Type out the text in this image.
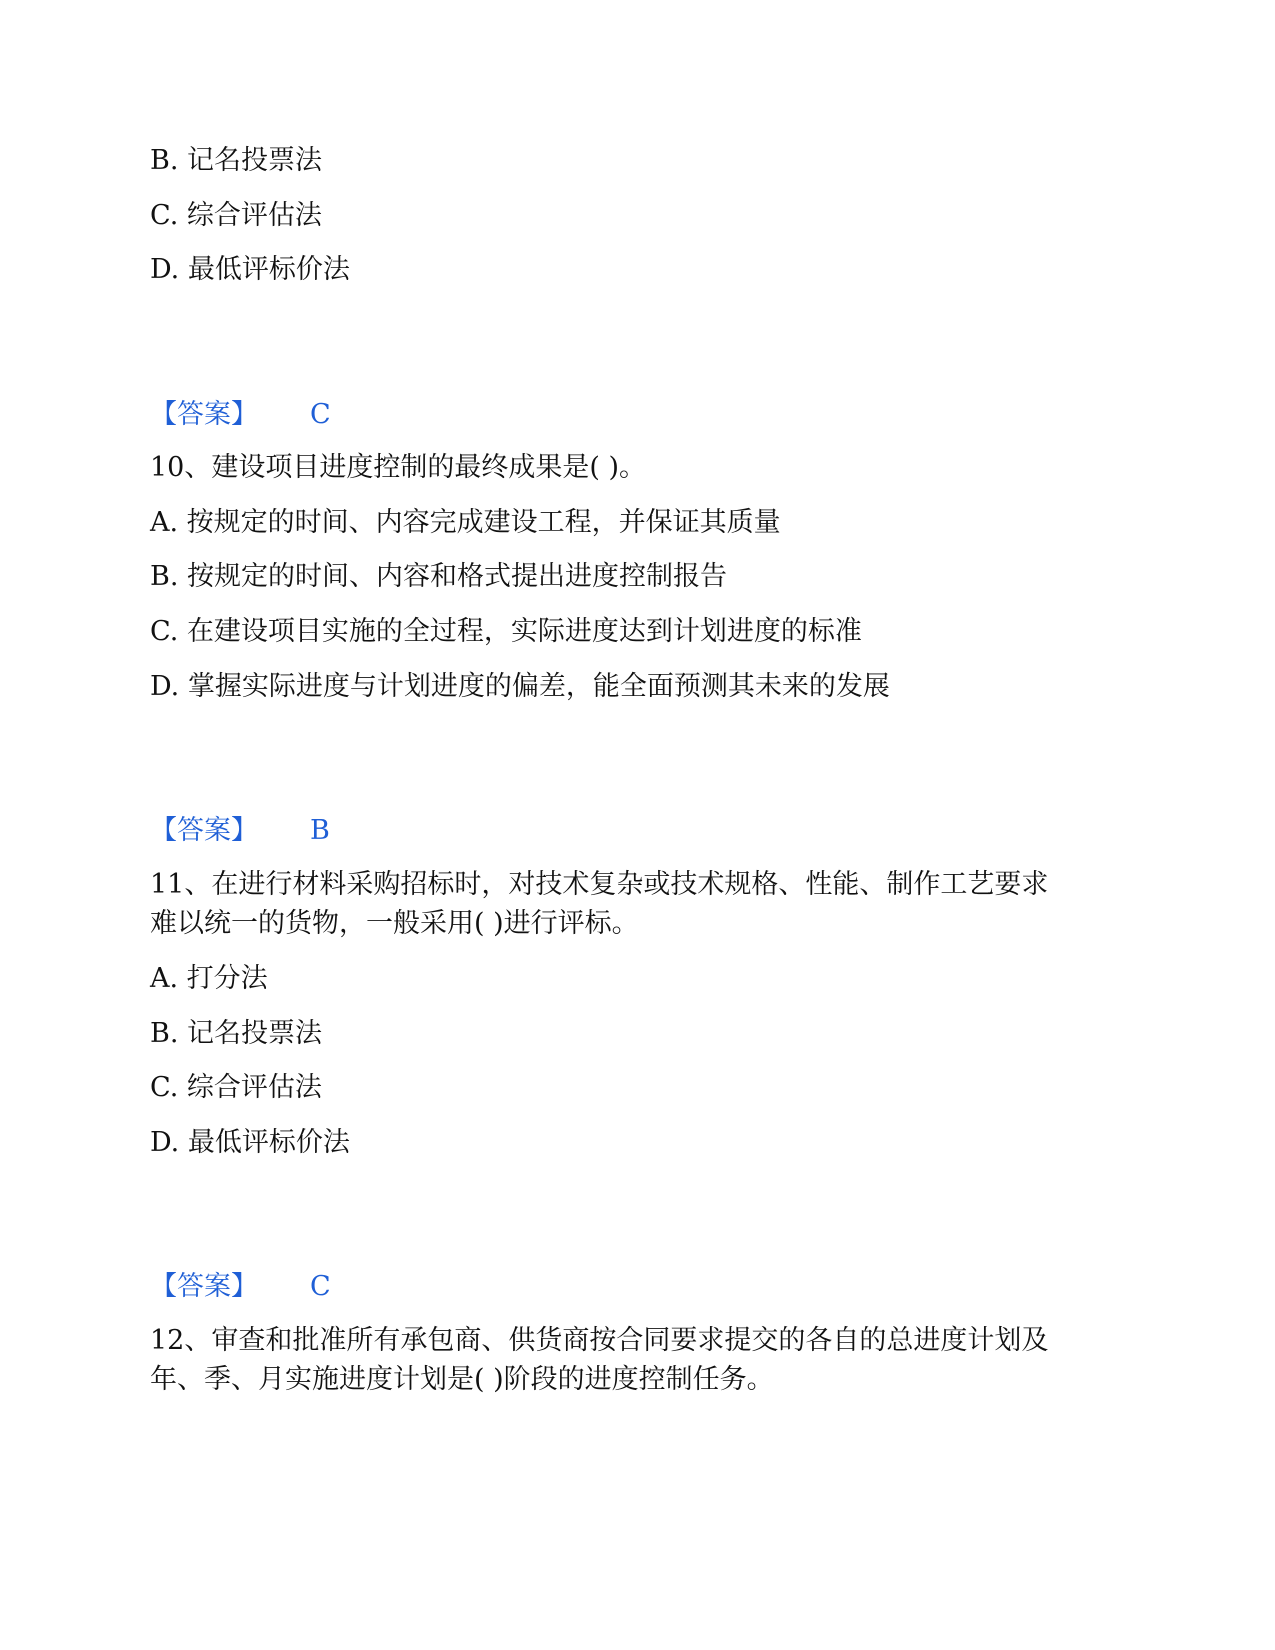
B. 记名投票法
C. 综合评估法
D. 最低评标价法
【答案】 C
10、建设项目进度控制的最终成果是( )。
A. 按规定的时间、内容完成建设工程，并保证其质量
B. 按规定的时间、内容和格式提出进度控制报告
C. 在建设项目实施的全过程，实际进度达到计划进度的标准
D. 掌握实际进度与计划进度的偏差，能全面预测其未来的发展
【答案】 B
11、在进行材料采购招标时，对技术复杂或技术规格、性能、制作工艺要求
难以统一的货物，一般采用( )进行评标。
A. 打分法
B. 记名投票法
C. 综合评估法
D. 最低评标价法
【答案】 C
12、审查和批准所有承包商、供货商按合同要求提交的各自的总进度计划及
年、季、月实施进度计划是( )阶段的进度控制任务。
